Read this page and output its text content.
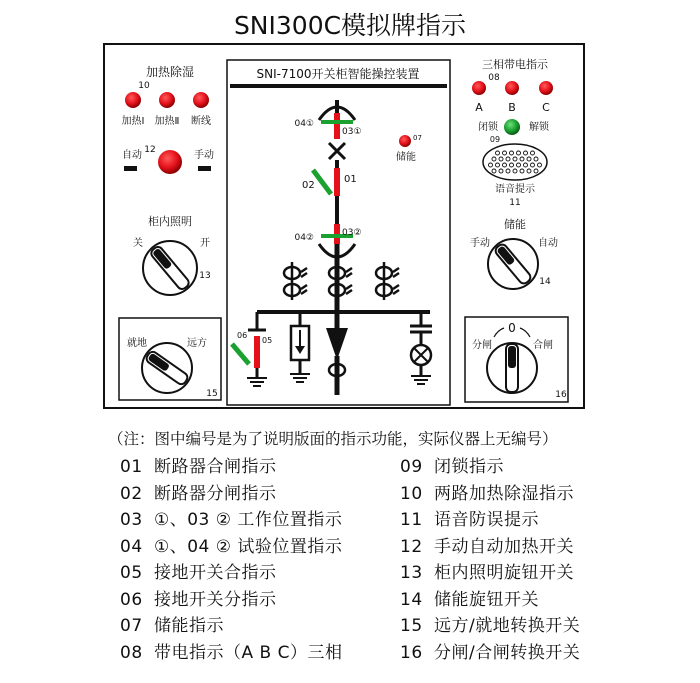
SNI300C模拟牌指示
SNI-7100开关柜智能操控装置
加热除湿
10
加热Ⅰ 加热Ⅱ 断线
自动 12	手动
柜内照明
关	开
13
就地	远方
15
04①
03①
07
储能
02
01
04②	03②
06
05
三相带电指示
08
A B C
闭锁	解锁
09
语音提示
11
储能
手动	自动
14
0
分闸	合闸
16
（注：图中编号是为了说明版面的指示功能，实际仪器上无编号）
01 断路器合闸指示
02 断路器分闸指示
03 ①、03 ② 工作位置指示
04 ①、04 ② 试验位置指示
05 接地开关合指示
06 接地开关分指示
07 储能指示
08 带电指示（A B C）三相
09 闭锁指示
10 两路加热除湿指示
11 语音防误提示
12 手动自动加热开关
13 柜内照明旋钮开关
14 储能旋钮开关
15 远方/就地转换开关
16 分闸/合闸转换开关
